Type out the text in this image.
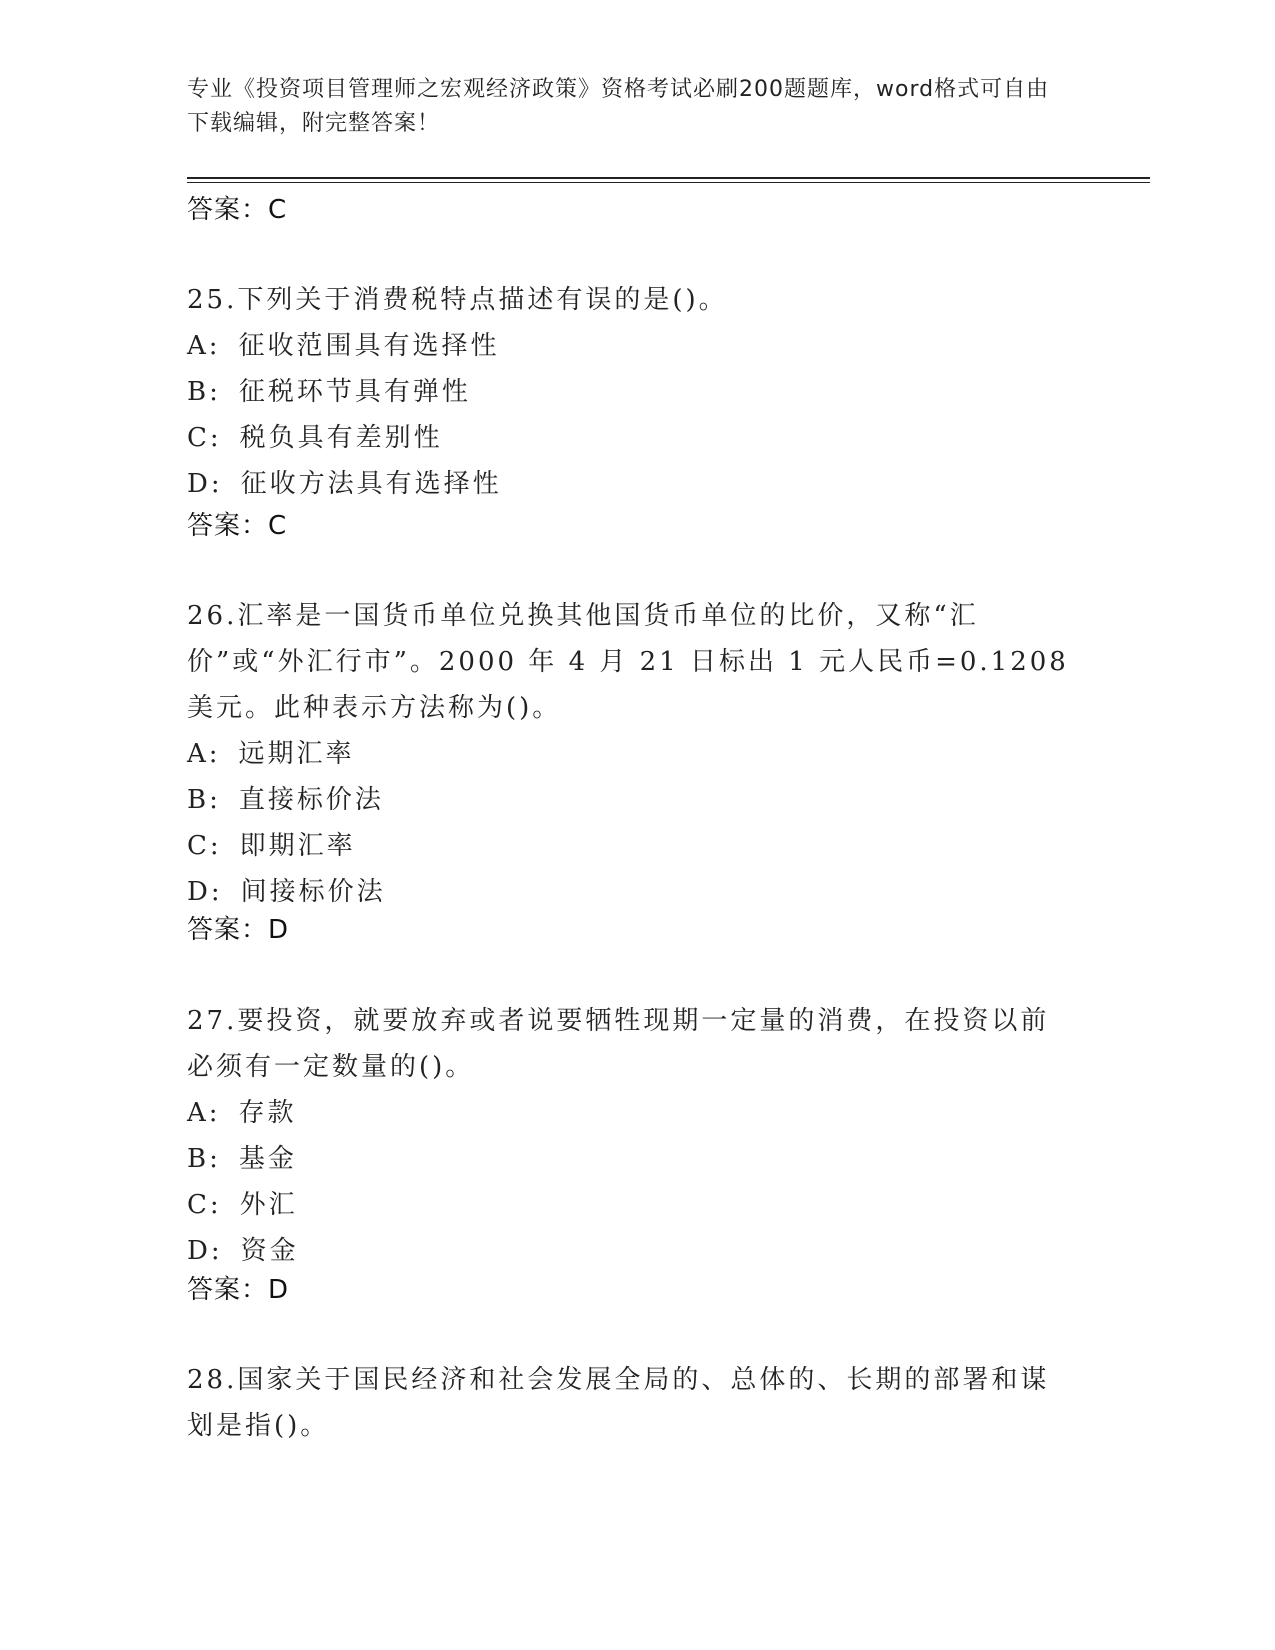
专业《投资项目管理师之宏观经济政策》资格考试必刷200题题库，word格式可自由下载编辑，附完整答案！
答案：C
25.下列关于消费税特点描述有误的是()。
A: 征收范围具有选择性
B: 征税环节具有弹性
C: 税负具有差别性
D: 征收方法具有选择性
答案：C
26.汇率是一国货币单位兑换其他国货币单位的比价，又称“汇价”或“外汇行市”。2000 年 4 月 21 日标出 1 元人民币=0.1208 美元。此种表示方法称为()。
A: 远期汇率
B: 直接标价法
C: 即期汇率
D: 间接标价法
答案：D
27.要投资，就要放弃或者说要牺牲现期一定量的消费，在投资以前必须有一定数量的()。
A: 存款
B: 基金
C: 外汇
D: 资金
答案：D
28.国家关于国民经济和社会发展全局的、总体的、长期的部署和谋划是指()。
